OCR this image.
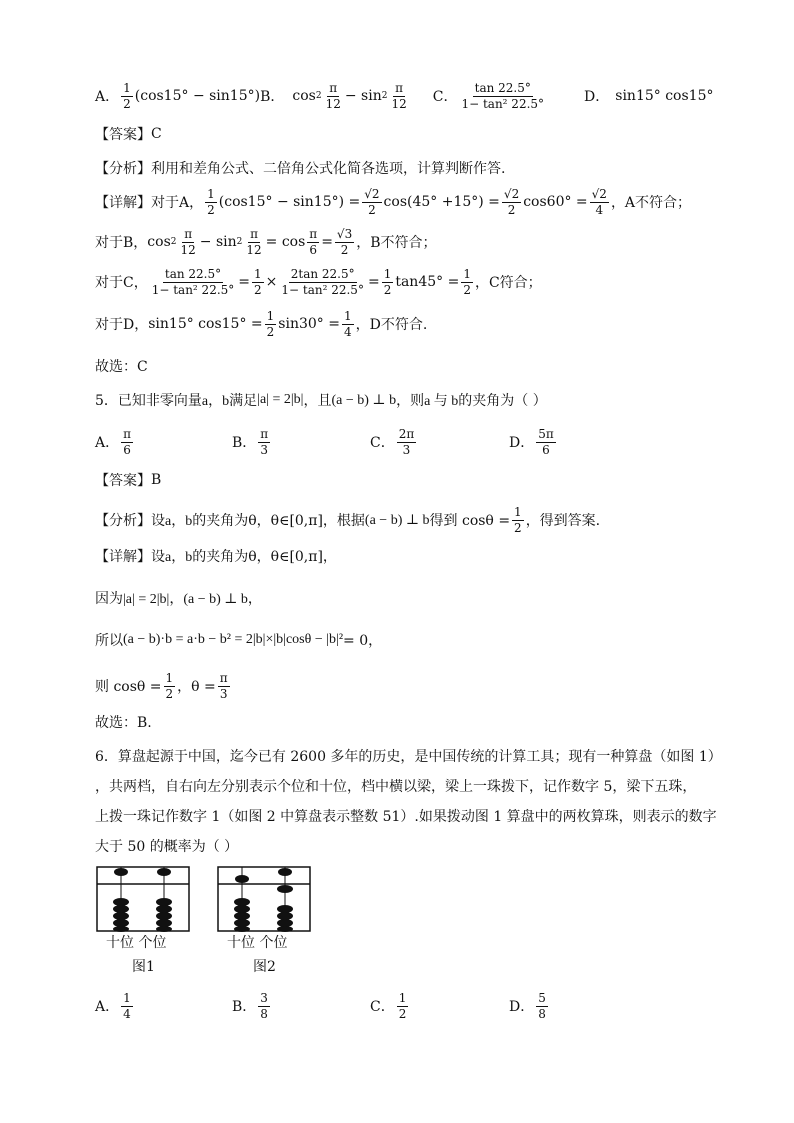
A． $\frac{1}{2} (\cos 15^\circ - \sin 15^\circ)$ B． $\cos 2 \frac{\pi}{12} - \sin 2 \frac{\pi}{12}$ C． $\frac{\tan 22.5^\circ}{\text{1− tan² 22.5°}}$	D． sin15° cos15°
【答案】 C
【分析】 利用和差角公式、二倍角公式化简各选项，计算判断作答.
【详解】 对于A， $\frac{1}{2} (\cos 15^\circ - \sin 15^\circ) = \frac{√2}{2} \cos(45^\circ +15^\circ) = \frac{√2}{2} \cos 60^\circ = \frac{√2}{4}$ ，A不符合；
对于B， $\cos 2 \frac{\pi}{12} - \sin 2 \frac{\pi}{12} = \cos \frac{\pi}{6} = \frac{√3}{2}$ ，B不符合；
对于C， $\frac{\tan 22.5^\circ}{\text{1− tan² 22.5°}} = \frac{1}{2} \times \frac{2\tan 22.5^\circ}{\text{1− tan² 22.5°}} = \frac{1}{2} \tan 45^\circ = \frac{1}{2}$ ，C符合；
对于D， sin15° $\cos 15^\circ = \frac{1}{2} \sin 30^\circ = \frac{1}{4}$ ，D不符合.
故选：C
5．已知非零向量 a，b 满足 |a| = 2|b| ，且 (a − b) ⊥ b ，则 a 与 b 的夹角为（ ）
A． $\frac{\pi}{6}$	B． $\frac{\pi}{3}$	C． $\frac{2\pi}{3}$	D． $\frac{5\pi}{6}$
【答案】 B
【分析】 设 a，b 的夹角为θ，θ∈[0,π]，根据 (a − b) ⊥ b 得到 $\cos\theta = \frac{1}{2}$ ，得到答案.
【详解】 设 a，b 的夹角为θ，θ∈[0,π]，
因为 |a| = 2|b|，(a − b) ⊥ b，
所以 (a − b)·b = a·b − b² = 2|b|×|b|cosθ − |b|² = 0，
则 $\cos\theta = \frac{1}{2}$ ，$\theta = \frac{\pi}{3}$
故选：B.
6．算盘起源于中国，迄今已有 2600 多年的历史，是中国传统的计算工具；现有一种算盘（如图 1）
，共两档，自右向左分别表示个位和十位，档中横以梁，梁上一珠拨下，记作数字 5，梁下五珠，
上拨一珠记作数字 1（如图 2 中算盘表示整数 51）.如果拨动图 1 算盘中的两枚算珠，则表示的数字
大于 50 的概率为（ ）
十位 个位
图1
十位 个位
图2
A． $\frac{1}{4}$	B． $\frac{3}{8}$	C． $\frac{1}{2}$	D． $\frac{5}{8}$
